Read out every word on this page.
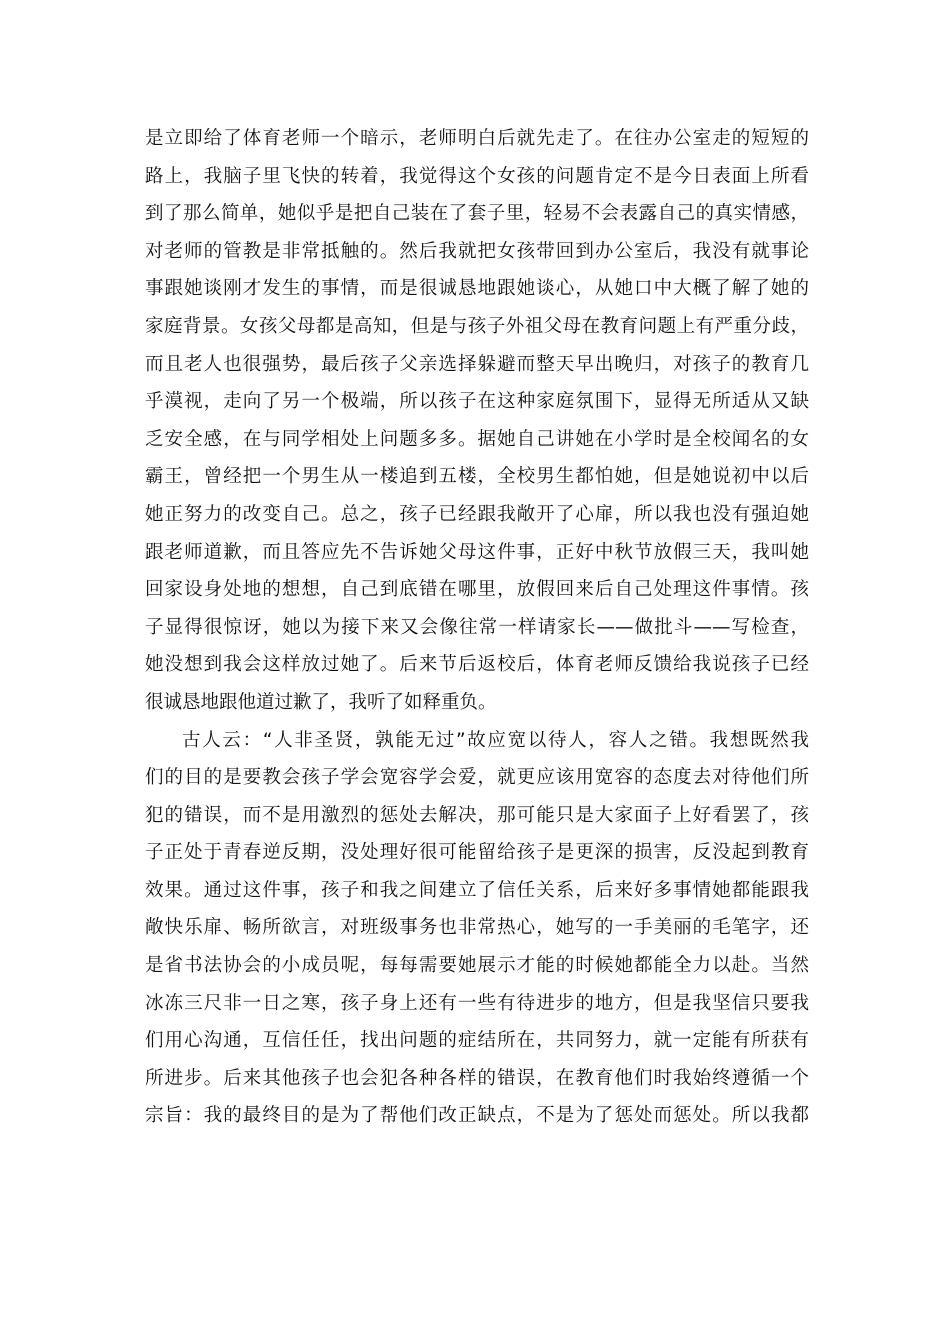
是立即给了体育老师一个暗示，老师明白后就先走了。在往办公室走的短短的
路上，我脑子里飞快的转着，我觉得这个女孩的问题肯定不是今日表面上所看
到了那么简单，她似乎是把自己装在了套子里，轻易不会表露自己的真实情感，
对老师的管教是非常抵触的。然后我就把女孩带回到办公室后，我没有就事论
事跟她谈刚才发生的事情，而是很诚恳地跟她谈心，从她口中大概了解了她的
家庭背景。女孩父母都是高知，但是与孩子外祖父母在教育问题上有严重分歧，
而且老人也很强势，最后孩子父亲选择躲避而整天早出晚归，对孩子的教育几
乎漠视，走向了另一个极端，所以孩子在这种家庭氛围下，显得无所适从又缺
乏安全感，在与同学相处上问题多多。据她自己讲她在小学时是全校闻名的女
霸王，曾经把一个男生从一楼追到五楼，全校男生都怕她，但是她说初中以后
她正努力的改变自己。总之，孩子已经跟我敞开了心扉，所以我也没有强迫她
跟老师道歉，而且答应先不告诉她父母这件事，正好中秋节放假三天，我叫她
回家设身处地的想想，自己到底错在哪里，放假回来后自己处理这件事情。孩
子显得很惊讶，她以为接下来又会像往常一样请家长——做批斗——写检查，
她没想到我会这样放过她了。后来节后返校后，体育老师反馈给我说孩子已经
很诚恳地跟他道过歉了，我听了如释重负。
古人云：“人非圣贤，孰能无过”故应宽以待人，容人之错。我想既然我
们的目的是要教会孩子学会宽容学会爱，就更应该用宽容的态度去对待他们所
犯的错误，而不是用激烈的惩处去解决，那可能只是大家面子上好看罢了，孩
子正处于青春逆反期，没处理好很可能留给孩子是更深的损害，反没起到教育
效果。通过这件事，孩子和我之间建立了信任关系，后来好多事情她都能跟我
敞快乐扉、畅所欲言，对班级事务也非常热心，她写的一手美丽的毛笔字，还
是省书法协会的小成员呢，每每需要她展示才能的时候她都能全力以赴。当然
冰冻三尺非一日之寒，孩子身上还有一些有待进步的地方，但是我坚信只要我
们用心沟通，互信任任，找出问题的症结所在，共同努力，就一定能有所获有
所进步。后来其他孩子也会犯各种各样的错误，在教育他们时我始终遵循一个
宗旨：我的最终目的是为了帮他们改正缺点，不是为了惩处而惩处。所以我都
